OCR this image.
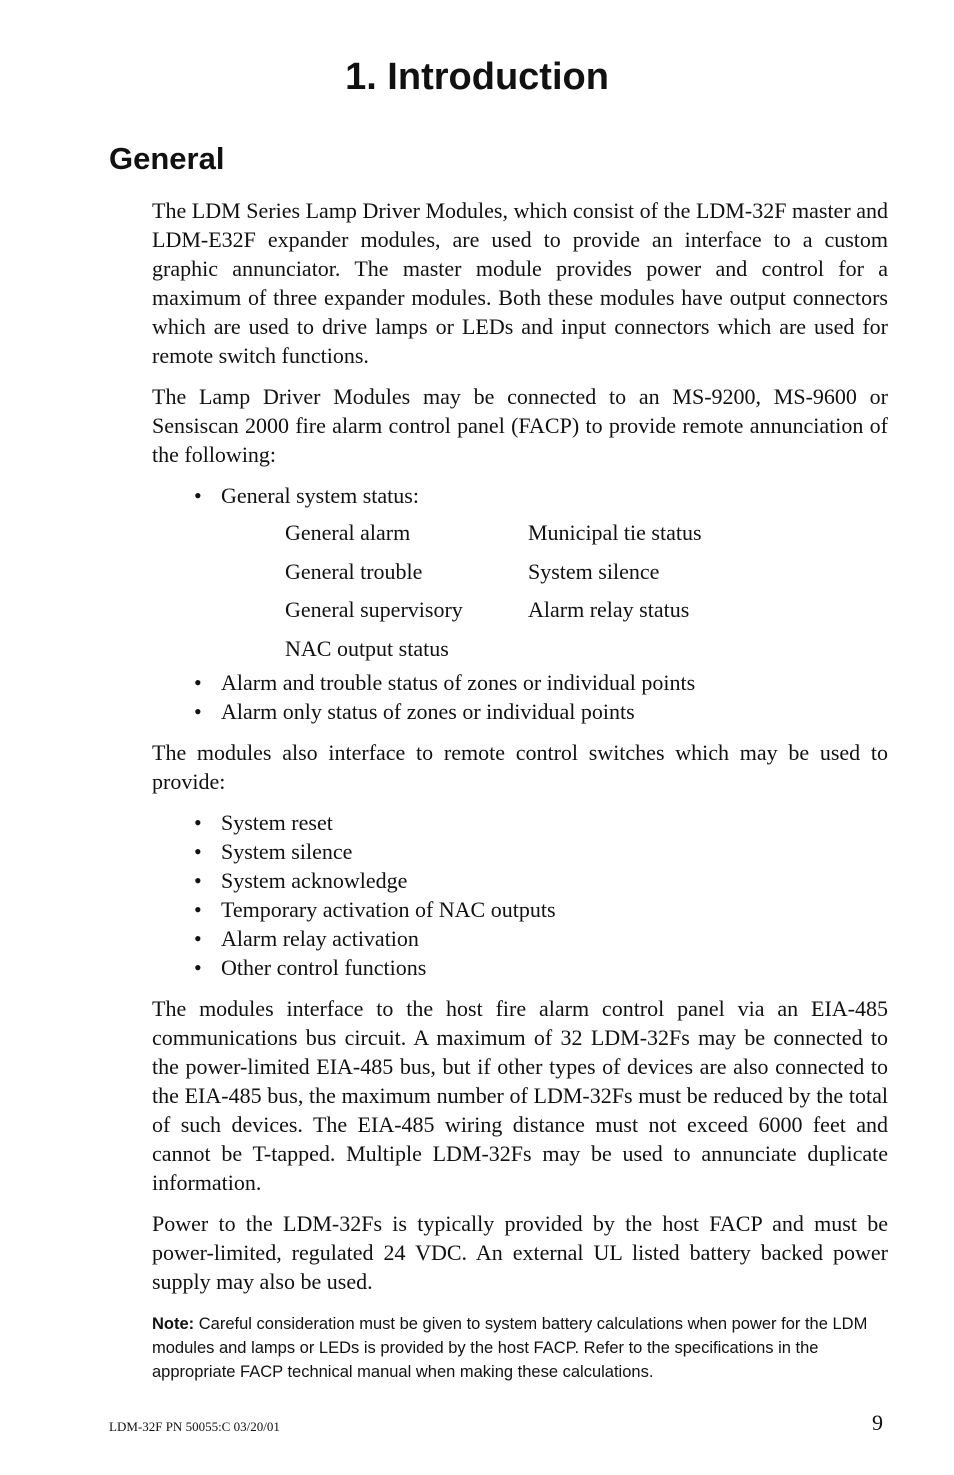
1. Introduction
General

The LDM Series Lamp Driver Modules, which consist of the LDM-32F master and LDM-E32F expander modules, are used to provide an interface to a custom graphic annunciator. The master module provides power and control for a maximum of three expander modules. Both these modules have output connectors which are used to drive lamps or LEDs and input connectors which are used for remote switch functions.

The Lamp Driver Modules may be connected to an MS-9200, MS-9600 or Sensiscan 2000 fire alarm control panel (FACP) to provide remote annunciation of the following:

• General system status:
General alarm	Municipal tie status
General trouble	System silence
General supervisory	Alarm relay status
NAC output status
• Alarm and trouble status of zones or individual points
• Alarm only status of zones or individual points

The modules also interface to remote control switches which may be used to provide:

• System reset
• System silence
• System acknowledge
• Temporary activation of NAC outputs
• Alarm relay activation
• Other control functions

The modules interface to the host fire alarm control panel via an EIA-485 communications bus circuit. A maximum of 32 LDM-32Fs may be connected to the power-limited EIA-485 bus, but if other types of devices are also connected to the EIA-485 bus, the maximum number of LDM-32Fs must be reduced by the total of such devices. The EIA-485 wiring distance must not exceed 6000 feet and cannot be T-tapped. Multiple LDM-32Fs may be used to annunciate duplicate information.

Power to the LDM-32Fs is typically provided by the host FACP and must be power-limited, regulated 24 VDC. An external UL listed battery backed power supply may also be used.

Note: Careful consideration must be given to system battery calculations when power for the LDM modules and lamps or LEDs is provided by the host FACP. Refer to the specifications in the appropriate FACP technical manual when making these calculations.
LDM-32F PN 50055:C 03/20/01	9
